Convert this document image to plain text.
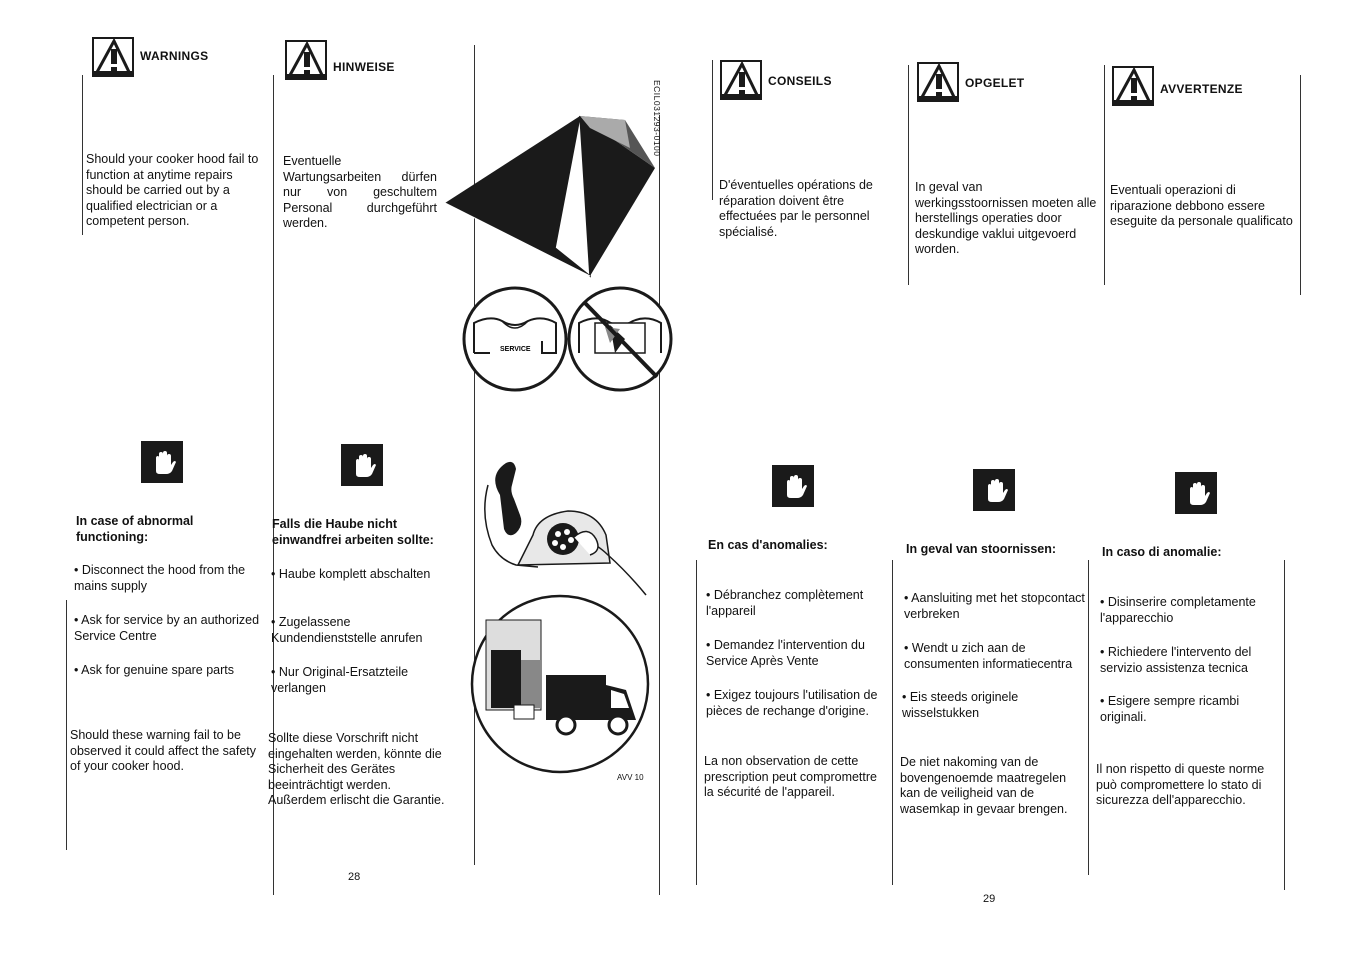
WARNINGS
Should your cooker hood fail to function at anytime repairs should be carried out by a qualified electrician or a competent person.
In case of abnormal functioning:
• Disconnect the hood from the mains supply
• Ask for service by an authorized Service Centre
• Ask for genuine spare parts
Should these warning fail to be observed it could affect the safety of your cooker hood.
HINWEISE
Eventuelle Wartungsarbeiten dürfen nur von geschultem Personal durchgeführt werden.
Falls die Haube nicht einwandfrei arbeiten sollte:
• Haube komplett abschalten
• Zugelassene Kundendienststelle anrufen
• Nur Original-Ersatzteile verlangen
Sollte diese Vorschrift nicht eingehalten werden, könnte die Sicherheit des Gerätes beeinträchtigt werden. Außerdem erlischt die Garantie.
ECIL031293-0100
SERVICE
AVV 10
28
CONSEILS
D'éventuelles opérations de réparation doivent être effectuées par le personnel spécialisé.
En cas d'anomalies:
• Débranchez complètement l'appareil
• Demandez l'intervention du Service Après Vente
• Exigez toujours l'utilisation de pièces de rechange d'origine.
La non observation de cette prescription peut compromettre la sécurité de l'appareil.
OPGELET
In geval van werkingsstoornissen moeten alle herstellings operaties door deskundige vaklui uitgevoerd worden.
In geval van stoornissen:
• Aansluiting met het stopcontact verbreken
• Wendt u zich aan de consumenten informatiecentra
• Eis steeds originele wisselstukken
De niet nakoming van de bovengenoemde maatregelen kan de veiligheid van de wasemkap in gevaar brengen.
AVVERTENZE
Eventuali operazioni di riparazione debbono essere eseguite da personale qualificato
In caso di anomalie:
• Disinserire completamente l'apparecchio
• Richiedere l'intervento del servizio assistenza tecnica
• Esigere sempre ricambi originali.
Il non rispetto di queste norme può compromettere lo stato di sicurezza dell'apparecchio.
29
